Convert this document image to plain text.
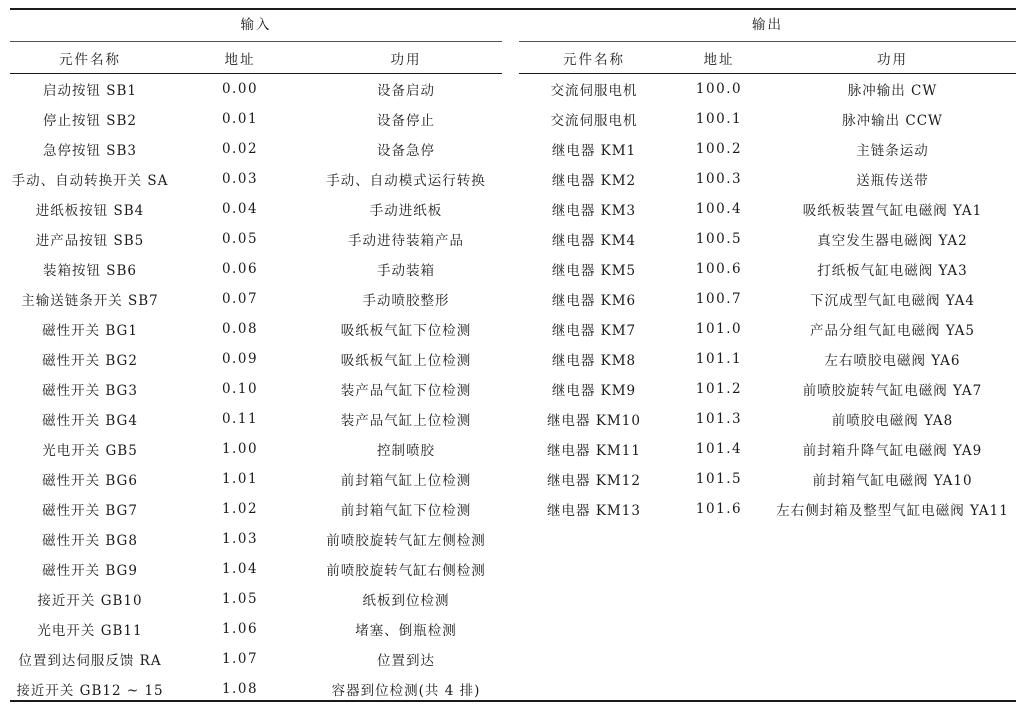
输入
元件名称	地址	功用
启动按钮 SB1	0.00	设备启动
停止按钮 SB2	0.01	设备停止
急停按钮 SB3	0.02	设备急停
手动、自动转换开关 SA	0.03	手动、自动模式运行转换
进纸板按钮 SB4	0.04	手动进纸板
进产品按钮 SB5	0.05	手动进待装箱产品
装箱按钮 SB6	0.06	手动装箱
主输送链条开关 SB7	0.07	手动喷胶整形
磁性开关 BG1	0.08	吸纸板气缸下位检测
磁性开关 BG2	0.09	吸纸板气缸上位检测
磁性开关 BG3	0.10	装产品气缸下位检测
磁性开关 BG4	0.11	装产品气缸上位检测
光电开关 GB5	1.00	控制喷胶
磁性开关 BG6	1.01	前封箱气缸上位检测
磁性开关 BG7	1.02	前封箱气缸下位检测
磁性开关 BG8	1.03	前喷胶旋转气缸左侧检测
磁性开关 BG9	1.04	前喷胶旋转气缸右侧检测
接近开关 GB10	1.05	纸板到位检测
光电开关 GB11	1.06	堵塞、倒瓶检测
位置到达伺服反馈 RA	1.07	位置到达
接近开关 GB12 ~ 15	1.08	容器到位检测(共 4 排)
输出
元件名称	地址	功用
交流伺服电机	100.0	脉冲输出 CW
交流伺服电机	100.1	脉冲输出 CCW
继电器 KM1	100.2	主链条运动
继电器 KM2	100.3	送瓶传送带
继电器 KM3	100.4	吸纸板装置气缸电磁阀 YA1
继电器 KM4	100.5	真空发生器电磁阀 YA2
继电器 KM5	100.6	打纸板气缸电磁阀 YA3
继电器 KM6	100.7	下沉成型气缸电磁阀 YA4
继电器 KM7	101.0	产品分组气缸电磁阀 YA5
继电器 KM8	101.1	左右喷胶电磁阀 YA6
继电器 KM9	101.2	前喷胶旋转气缸电磁阀 YA7
继电器 KM10	101.3	前喷胶电磁阀 YA8
继电器 KM11	101.4	前封箱升降气缸电磁阀 YA9
继电器 KM12	101.5	前封箱气缸电磁阀 YA10
继电器 KM13	101.6	左右侧封箱及整型气缸电磁阀 YA11
